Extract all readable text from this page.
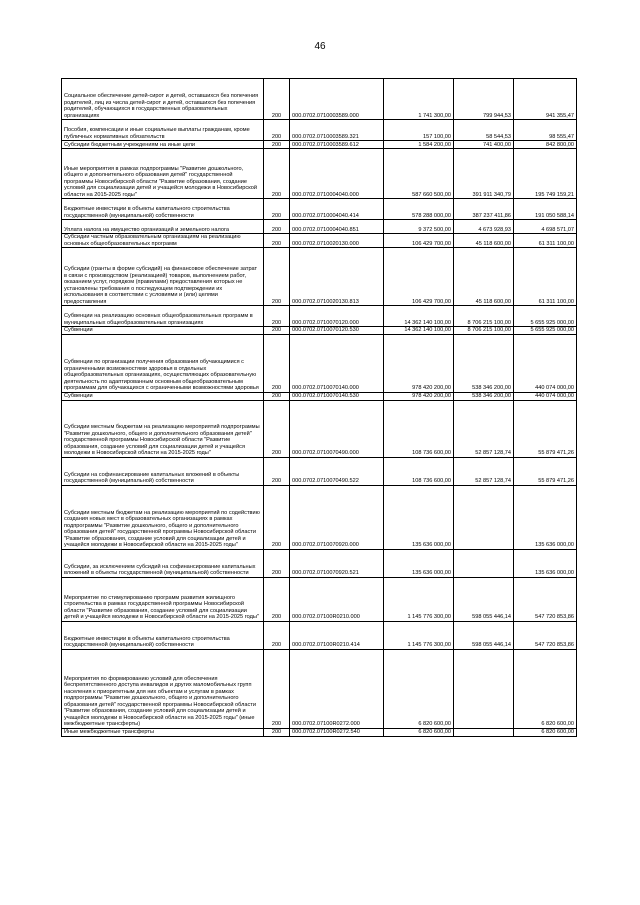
46
Социальное обеспечение детей-сирот и детей, оставшихся без попечения родителей, лиц из числа детей-сирот и детей, оставшихся без попечения родителей, обучающихся в государственных образовательных организациях	200	000.0702.0710003589.000	1 741 300,00	799 944,53	941 355,47
Пособия, компенсации и иные социальные выплаты гражданам, кроме публичных нормативных обязательств	200	000.0702.0710003589.321	157 100,00	58 544,53	98 555,47
Субсидии бюджетным учреждениям на иные цели	200	000.0702.0710003589.612	1 584 200,00	741 400,00	842 800,00
Иные мероприятия в рамках подпрограммы "Развитие дошкольного, общего и дополнительного образования детей" государственной программы Новосибирской области "Развитие образования, создание условий для социализации детей и учащейся молодежи в Новосибирской области на 2015-2025 годы"	200	000.0702.0710004040.000	587 660 500,00	391 911 340,79	195 749 159,21
Бюджетные инвестиции в объекты капитального строительства государственной (муниципальной) собственности	200	000.0702.0710004040.414	578 288 000,00	387 237 411,86	191 050 588,14
Уплата налога на имущество организаций и земельного налога	200	000.0702.0710004040.851	9 372 500,00	4 673 928,93	4 698 571,07
Субсидии частным образовательным организациям на реализацию основных общеобразовательных программ	200	000.0702.0710020130.000	106 429 700,00	45 118 600,00	61 311 100,00
Субсидии (гранты в форме субсидий) на финансовое обеспечение затрат в связи с производством (реализацией) товаров, выполнением работ, оказанием услуг, порядком (правилами) предоставления которых не установлены требования о последующем подтверждении их использования в соответствии с условиями и (или) целями предоставления	200	000.0702.0710020130.813	106 429 700,00	45 118 600,00	61 311 100,00
Субвенции на реализацию основных общеобразовательных программ в муниципальных общеобразовательных организациях	200	000.0702.0710070120.000	14 362 140 100,00	8 706 215 100,00	5 655 925 000,00
Субвенции	200	000.0702.0710070120.530	14 362 140 100,00	8 706 215 100,00	5 655 925 000,00
Субвенции по организации получения образования обучающимися с ограниченными возможностями здоровья в отдельных общеобразовательных организациях, осуществляющих образовательную деятельность по адаптированным основным общеобразовательным программам для обучающихся с ограниченными возможностями здоровья	200	000.0702.0710070140.000	978 420 200,00	538 346 200,00	440 074 000,00
Субвенции	200	000.0702.0710070140.530	978 420 200,00	538 346 200,00	440 074 000,00
Субсидии местным бюджетам на реализацию мероприятий подпрограммы "Развитие дошкольного, общего и дополнительного образования детей" государственной программы Новосибирской области "Развитие образования, создание условий для социализации детей и учащейся молодежи в Новосибирской области на 2015-2025 годы"	200	000.0702.0710070490.000	108 736 600,00	52 857 128,74	55 879 471,26
Субсидии на софинансирование капитальных вложений в объекты государственной (муниципальной) собственности	200	000.0702.0710070490.522	108 736 600,00	52 857 128,74	55 879 471,26
Субсидии местным бюджетам на реализацию мероприятий по содействию создания новых мест в образовательных организациях в рамках подпрограммы "Развитие дошкольного, общего и дополнительного образования детей" государственной программы Новосибирской области "Развитие образования, создание условий для социализации детей и учащейся молодежи в Новосибирской области на 2015-2025 годы"	200	000.0702.0710070920.000	135 636 000,00		135 636 000,00
Субсидии, за исключением субсидий на софинансирование капитальных вложений в объекты государственной (муниципальной) собственности	200	000.0702.0710070920.521	135 636 000,00		135 636 000,00
Мероприятие по стимулированию программ развития жилищного строительства в рамках государственной программы Новосибирской области "Развитие образования, создание условий для социализации детей и учащейся молодежи в Новосибирской области на 2015-2025 годы"	200	000.0702.07100R0210.000	1 145 776 300,00	598 055 446,14	547 720 853,86
Бюджетные инвестиции в объекты капитального строительства государственной (муниципальной) собственности	200	000.0702.07100R0210.414	1 145 776 300,00	598 055 446,14	547 720 853,86
Мероприятия по формированию условий для обеспечения беспрепятственного доступа инвалидов и других маломобильных групп населения к приоритетным для них объектам и услугам в рамках подпрограммы "Развитие дошкольного, общего и дополнительного образования детей" государственной программы Новосибирской области "Развитие образования, создание условий для социализации детей и учащейся молодежи в Новосибирской области на 2015-2025 годы" (иные межбюджетные трансферты)	200	000.0702.07100R0272.000	6 820 600,00		6 820 600,00
Иные межбюджетные трансферты	200	000.0702.07100R0272.540	6 820 600,00		6 820 600,00
